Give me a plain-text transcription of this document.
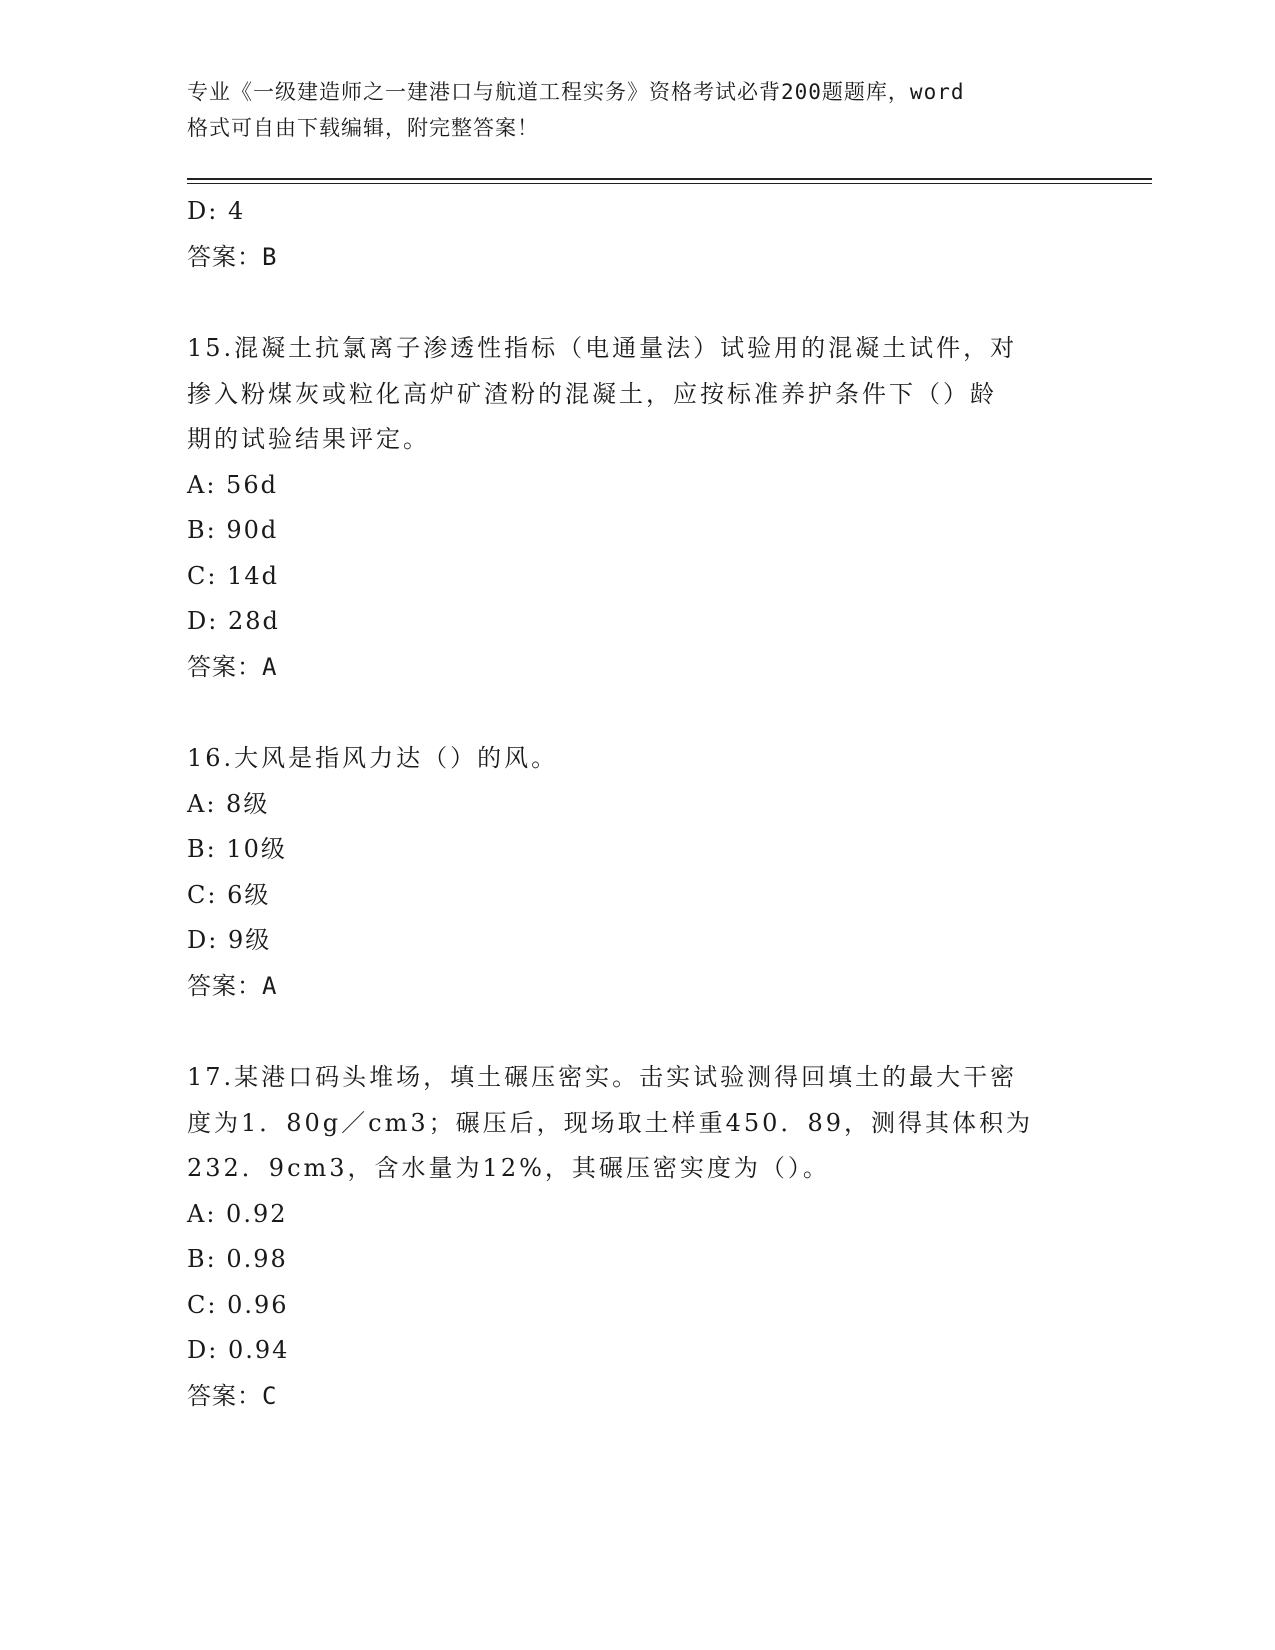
专业《一级建造师之一建港口与航道工程实务》资格考试必背200题题库，word
格式可自由下载编辑，附完整答案！
D: 4
答案：B
15.混凝土抗氯离子渗透性指标（电通量法）试验用的混凝土试件，对
掺入粉煤灰或粒化高炉矿渣粉的混凝土，应按标准养护条件下（）龄
期的试验结果评定。
A: 56d
B: 90d
C: 14d
D: 28d
答案：A
16.大风是指风力达（）的风。
A: 8级
B: 10级
C: 6级
D: 9级
答案：A
17.某港口码头堆场，填土碾压密实。击实试验测得回填土的最大干密
度为1．80g／cm3；碾压后，现场取土样重450．89，测得其体积为
232．9cm3，含水量为12%，其碾压密实度为（）。
A: 0.92
B: 0.98
C: 0.96
D: 0.94
答案：C
